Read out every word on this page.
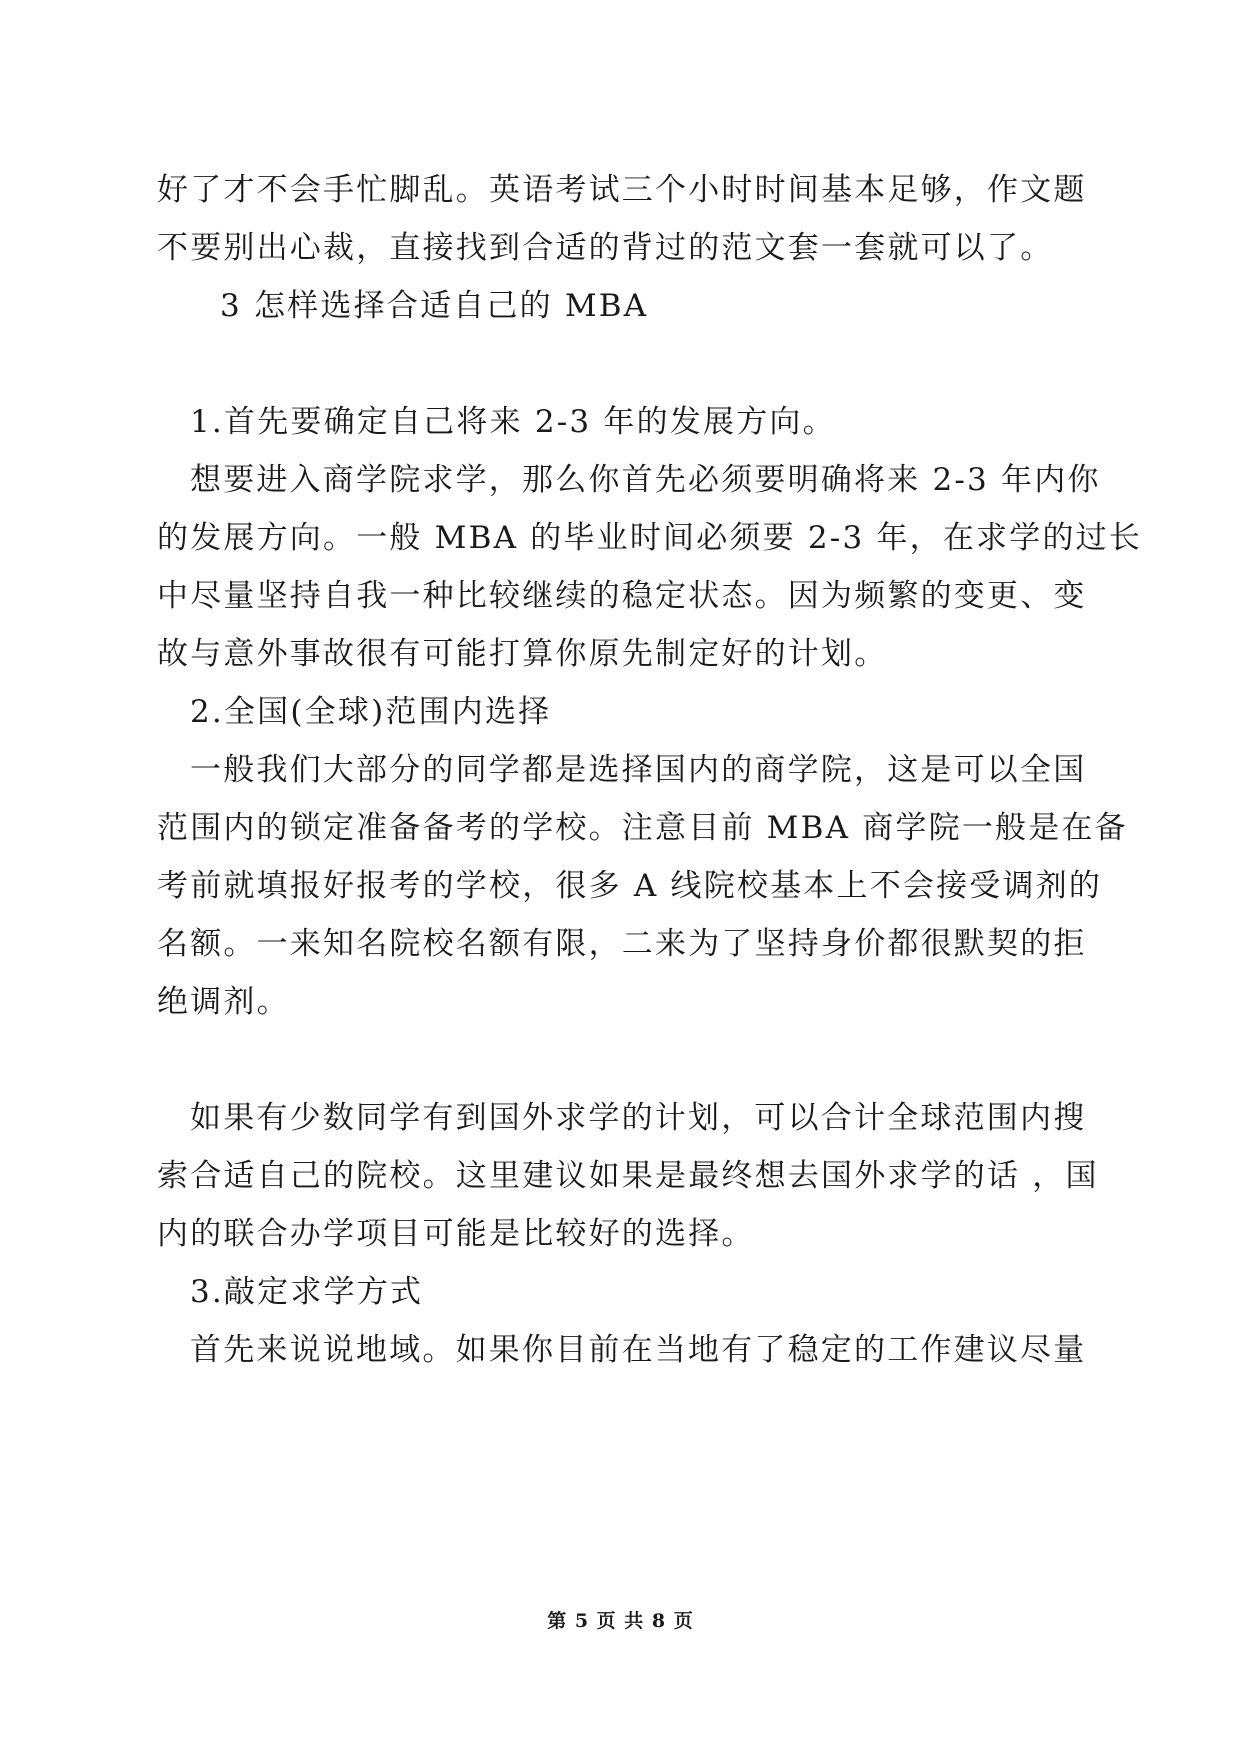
好了才不会手忙脚乱。英语考试三个小时时间基本足够，作文题
不要别出心裁，直接找到合适的背过的范文套一套就可以了。
3 怎样选择合适自己的 MBA
1.首先要确定自己将来 2-3 年的发展方向。
想要进入商学院求学，那么你首先必须要明确将来 2-3 年内你
的发展方向。一般 MBA 的毕业时间必须要 2-3 年，在求学的过长
中尽量坚持自我一种比较继续的稳定状态。因为频繁的变更、变
故与意外事故很有可能打算你原先制定好的计划。
2.全国(全球)范围内选择
一般我们大部分的同学都是选择国内的商学院，这是可以全国
范围内的锁定准备备考的学校。注意目前 MBA 商学院一般是在备
考前就填报好报考的学校，很多 A 线院校基本上不会接受调剂的
名额。一来知名院校名额有限，二来为了坚持身价都很默契的拒
绝调剂。
如果有少数同学有到国外求学的计划，可以合计全球范围内搜
索合适自己的院校。这里建议如果是最终想去国外求学的话 ，国
内的联合办学项目可能是比较好的选择。
3.敲定求学方式
首先来说说地域。如果你目前在当地有了稳定的工作建议尽量
第 5 页 共 8 页
